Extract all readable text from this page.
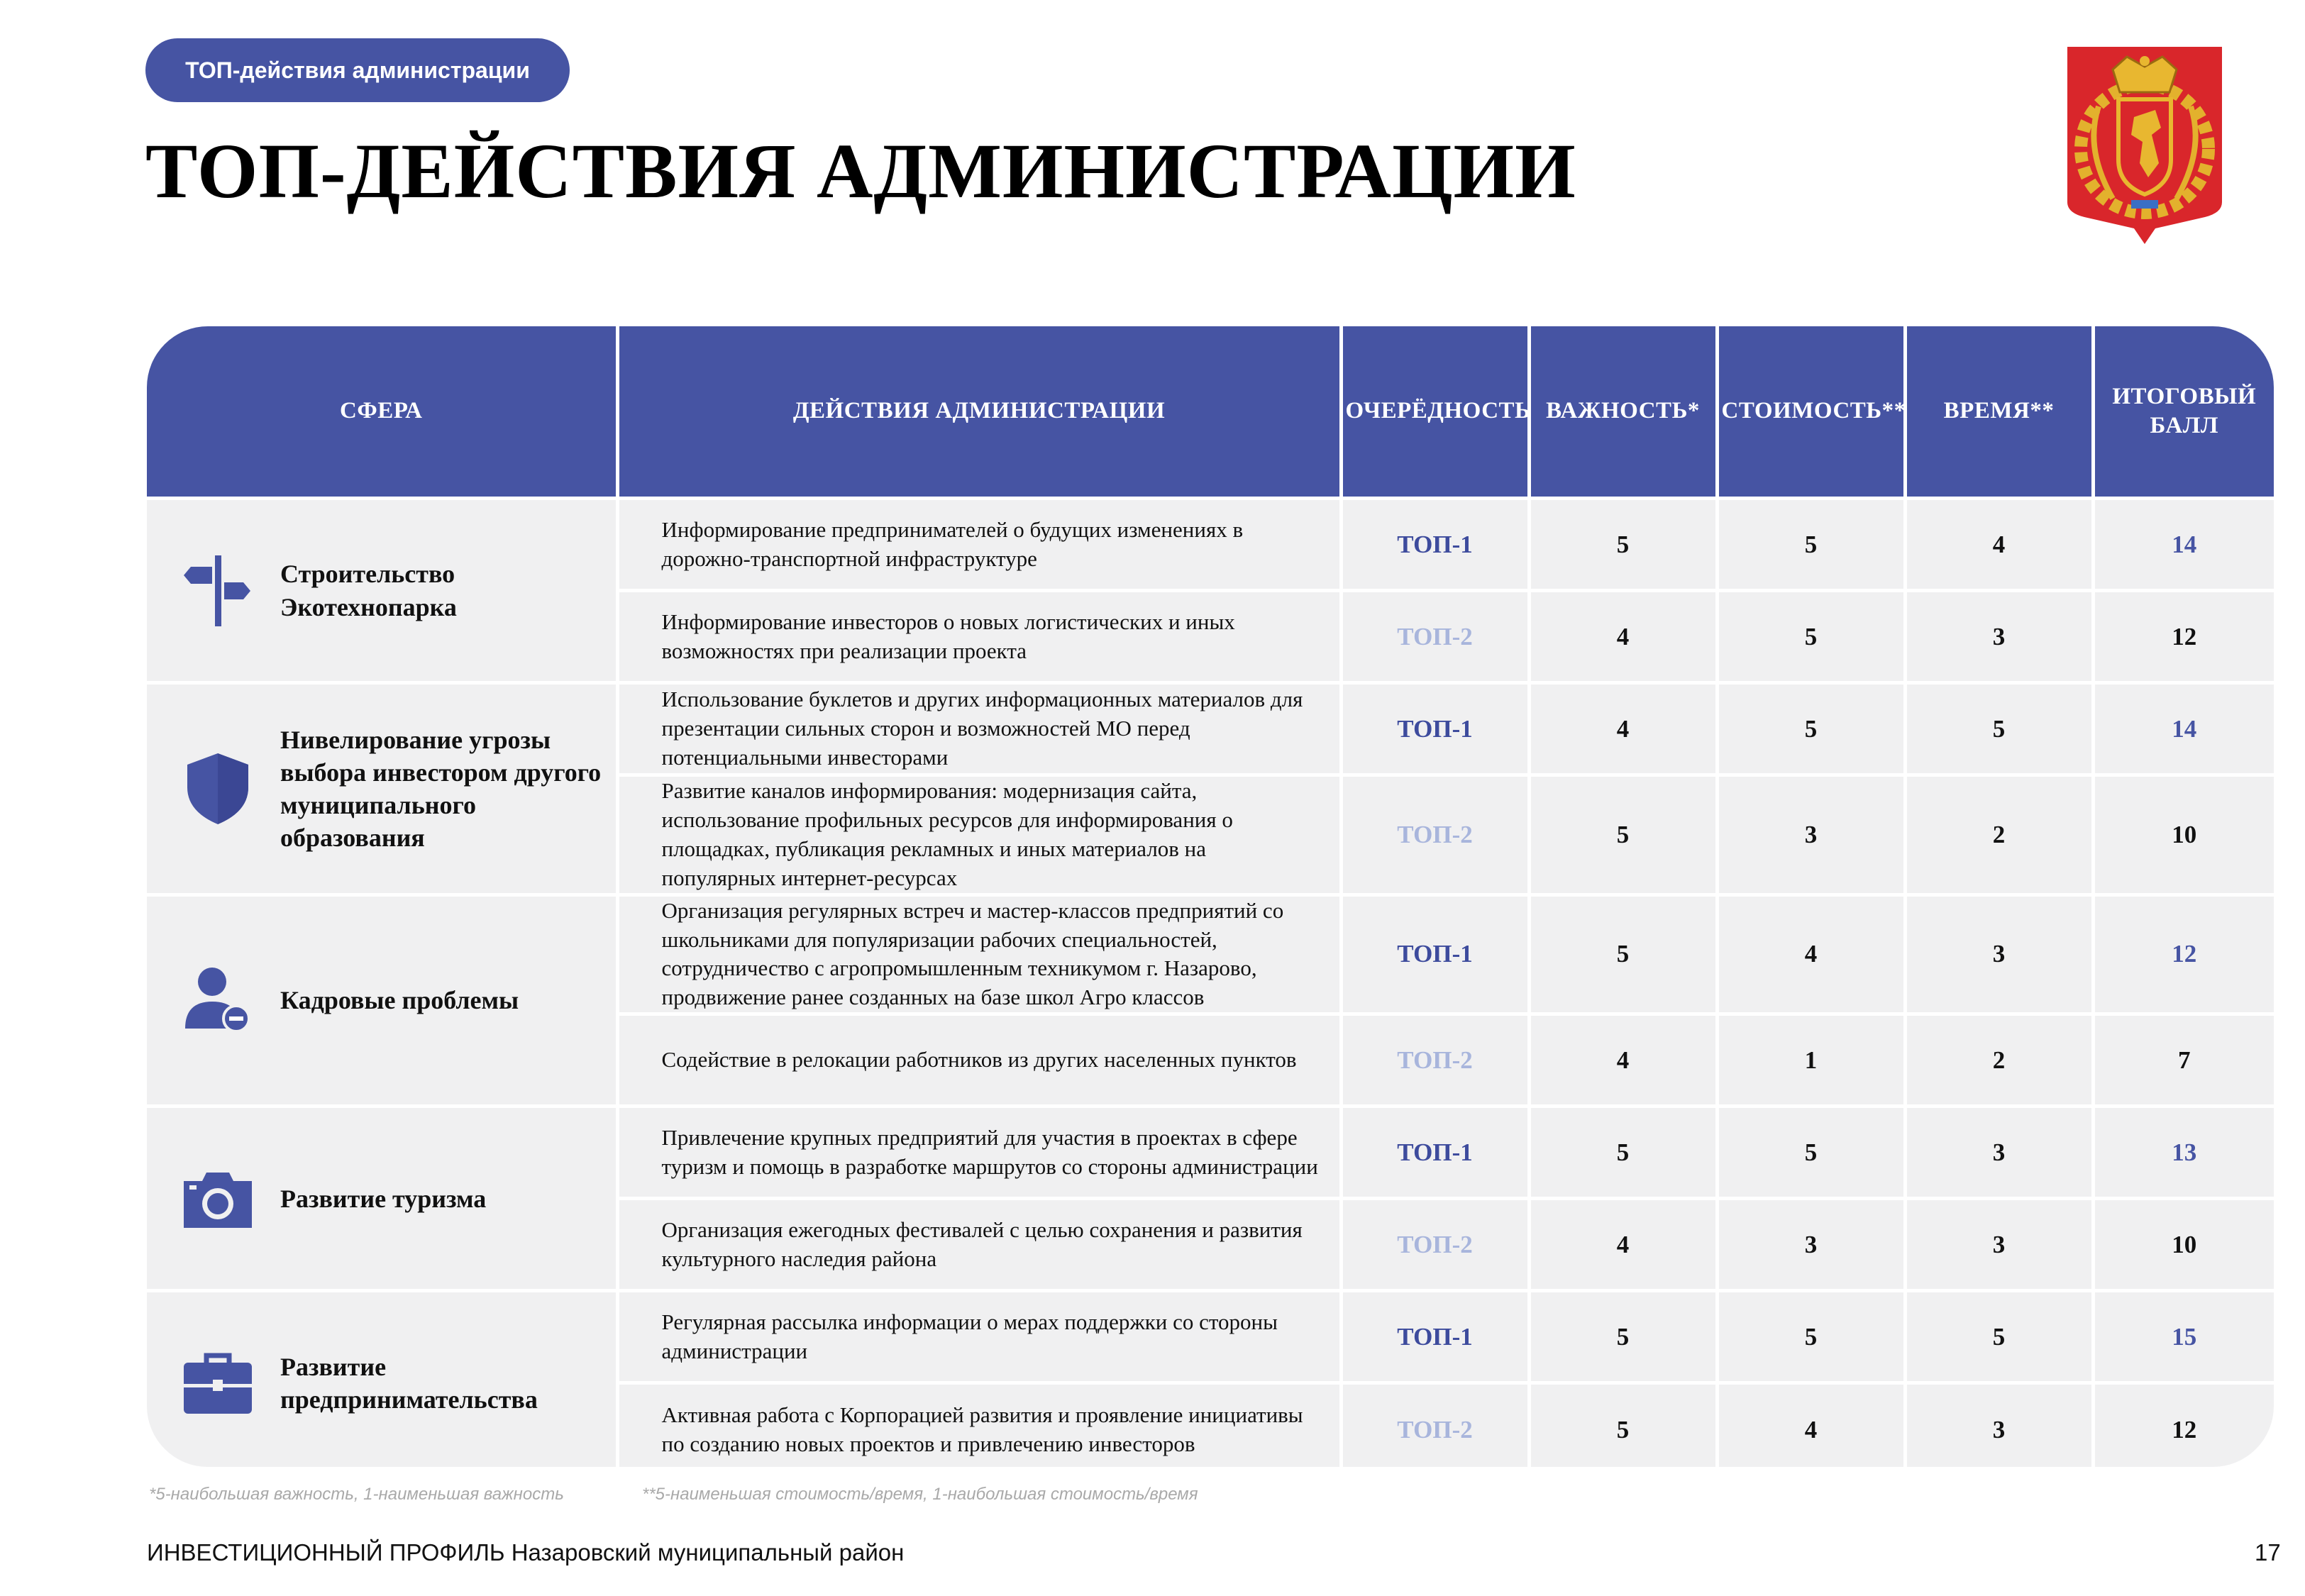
ТОП-действия администрации
ТОП-ДЕЙСТВИЯ АДМИНИСТРАЦИИ
СФЕРА	ДЕЙСТВИЯ АДМИНИСТРАЦИИ	ОЧЕРЁДНОСТЬ	ВАЖНОСТЬ*	СТОИМОСТЬ**	ВРЕМЯ**	ИТОГОВЫЙ БАЛЛ

Строительство Экотехнопарка	Информирование предпринимателей о будущих изменениях в дорожно-транспортной инфраструктуре	ТОП-1	5	5	4	14
	Информирование инвесторов о новых логистических и иных возможностях при реализации проекта	ТОП-2	4	5	3	12

Нивелирование угрозы выбора инвестором другого муниципального образования	Использование буклетов и других информационных материалов для презентации сильных сторон и возможностей МО перед потенциальными инвесторами	ТОП-1	4	5	5	14
	Развитие каналов информирования: модернизация сайта, использование профильных ресурсов для информирования о площадках, публикация рекламных и иных материалов на популярных интернет-ресурсах	ТОП-2	5	3	2	10

Кадровые проблемы	Организация регулярных встреч и мастер-классов предприятий со школьниками для популяризации рабочих специальностей, сотрудничество с агропромышленным техникумом г. Назарово, продвижение ранее созданных на базе школ Агро классов	ТОП-1	5	4	3	12
	Содействие в релокации работников из других населенных пунктов	ТОП-2	4	1	2	7

Развитие туризма	Привлечение крупных предприятий для участия в проектах в сфере туризм и помощь в разработке маршрутов со стороны администрации	ТОП-1	5	5	3	13
	Организация ежегодных фестивалей с целью сохранения и развития культурного наследия района	ТОП-2	4	3	3	10

Развитие предпринимательства	Регулярная рассылка информации о мерах поддержки со стороны администрации	ТОП-1	5	5	5	15
	Активная работа с Корпорацией развития и проявление инициативы по созданию новых проектов и привлечению инвесторов	ТОП-2	5	4	3	12
*5-наибольшая важность, 1-наименьшая важность	**5-наименьшая стоимость/время, 1-наибольшая стоимость/время
ИНВЕСТИЦИОННЫЙ ПРОФИЛЬ Назаровский муниципальный район	17
